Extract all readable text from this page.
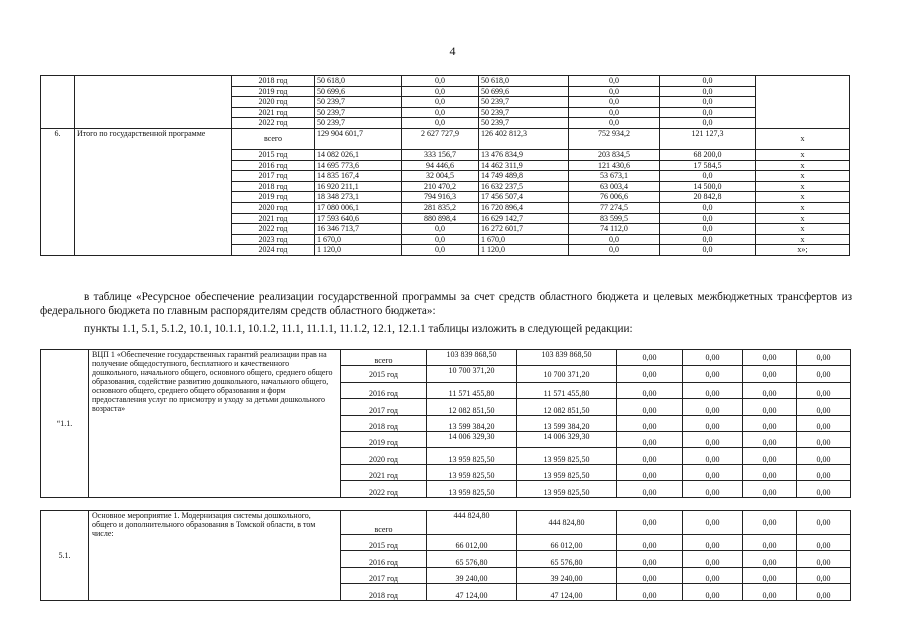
4
		2018 год	50 618,0	0,0	50 618,0	0,0	0,0	
		2019 год	50 699,6	0,0	50 699,6	0,0	0,0	
		2020 год	50 239,7	0,0	50 239,7	0,0	0,0	
		2021 год	50 239,7	0,0	50 239,7	0,0	0,0	
		2022 год	50 239,7	0,0	50 239,7	0,0	0,0	
6.	Итого по государственной программе	всего	129 904 601,7	2 627 727,9	126 402 812,3	752 934,2	121 127,3	х
		2015 год	14 082 026,1	333 156,7	13 476 834,9	203 834,5	68 200,0	х
		2016 год	14 695 773,6	94 446,6	14 462 311,9	121 430,6	17 584,5	х
		2017 год	14 835 167,4	32 004,5	14 749 489,8	53 673,1	0,0	х
		2018 год	16 920 211,1	210 470,2	16 632 237,5	63 003,4	14 500,0	х
		2019 год	18 348 273,1	794 916,3	17 456 507,4	76 006,6	20 842,8	х
		2020 год	17 080 006,1	281 835,2	16 720 896,4	77 274,5	0,0	х
		2021 год	17 593 640,6	880 898,4	16 629 142,7	83 599,5	0,0	х
		2022 год	16 346 713,7	0,0	16 272 601,7	74 112,0	0,0	х
		2023 год	1 670,0	0,0	1 670,0	0,0	0,0	х
		2024 год	1 120,0	0,0	1 120,0	0,0	0,0	х»;
в таблице «Ресурсное обеспечение реализации государственной программы за счет средств областного бюджета и целевых межбюджетных трансфертов из федерального бюджета по главным распорядителям средств областного бюджета»:
пункты 1.1, 5.1, 5.1.2, 10.1, 10.1.1, 10.1.2, 11.1, 11.1.1, 11.1.2, 12.1, 12.1.1 таблицы изложить в следующей редакции:
“1.1.	ВЦП 1 «Обеспечение государственных гарантий реализации прав на получение общедоступного, бесплатного и качественного дошкольного, начального общего, основного общего, среднего общего образования, содействие развитию дошкольного, начального общего, основного общего, среднего общего образования и форм предоставления услуг по присмотру и уходу за детьми дошкольного возраста»	всего	103 839 868,50	103 839 868,50	0,00	0,00	0,00	0,00
		2015 год	10 700 371,20	10 700 371,20	0,00	0,00	0,00	0,00
		2016 год	11 571 455,80	11 571 455,80	0,00	0,00	0,00	0,00
		2017 год	12 082 851,50	12 082 851,50	0,00	0,00	0,00	0,00
		2018 год	13 599 384,20	13 599 384,20	0,00	0,00	0,00	0,00
		2019 год	14 006 329,30	14 006 329,30	0,00	0,00	0,00	0,00
		2020 год	13 959 825,50	13 959 825,50	0,00	0,00	0,00	0,00
		2021 год	13 959 825,50	13 959 825,50	0,00	0,00	0,00	0,00
		2022 год	13 959 825,50	13 959 825,50	0,00	0,00	0,00	0,00
5.1.	Основное мероприятие 1. Модернизация системы дошкольного, общего и дополнительного образования в Томской области, в том числе:	всего	444 824,80	444 824,80	0,00	0,00	0,00	0,00
		2015 год	66 012,00	66 012,00	0,00	0,00	0,00	0,00
		2016 год	65 576,80	65 576,80	0,00	0,00	0,00	0,00
		2017 год	39 240,00	39 240,00	0,00	0,00	0,00	0,00
		2018 год	47 124,00	47 124,00	0,00	0,00	0,00	0,00
